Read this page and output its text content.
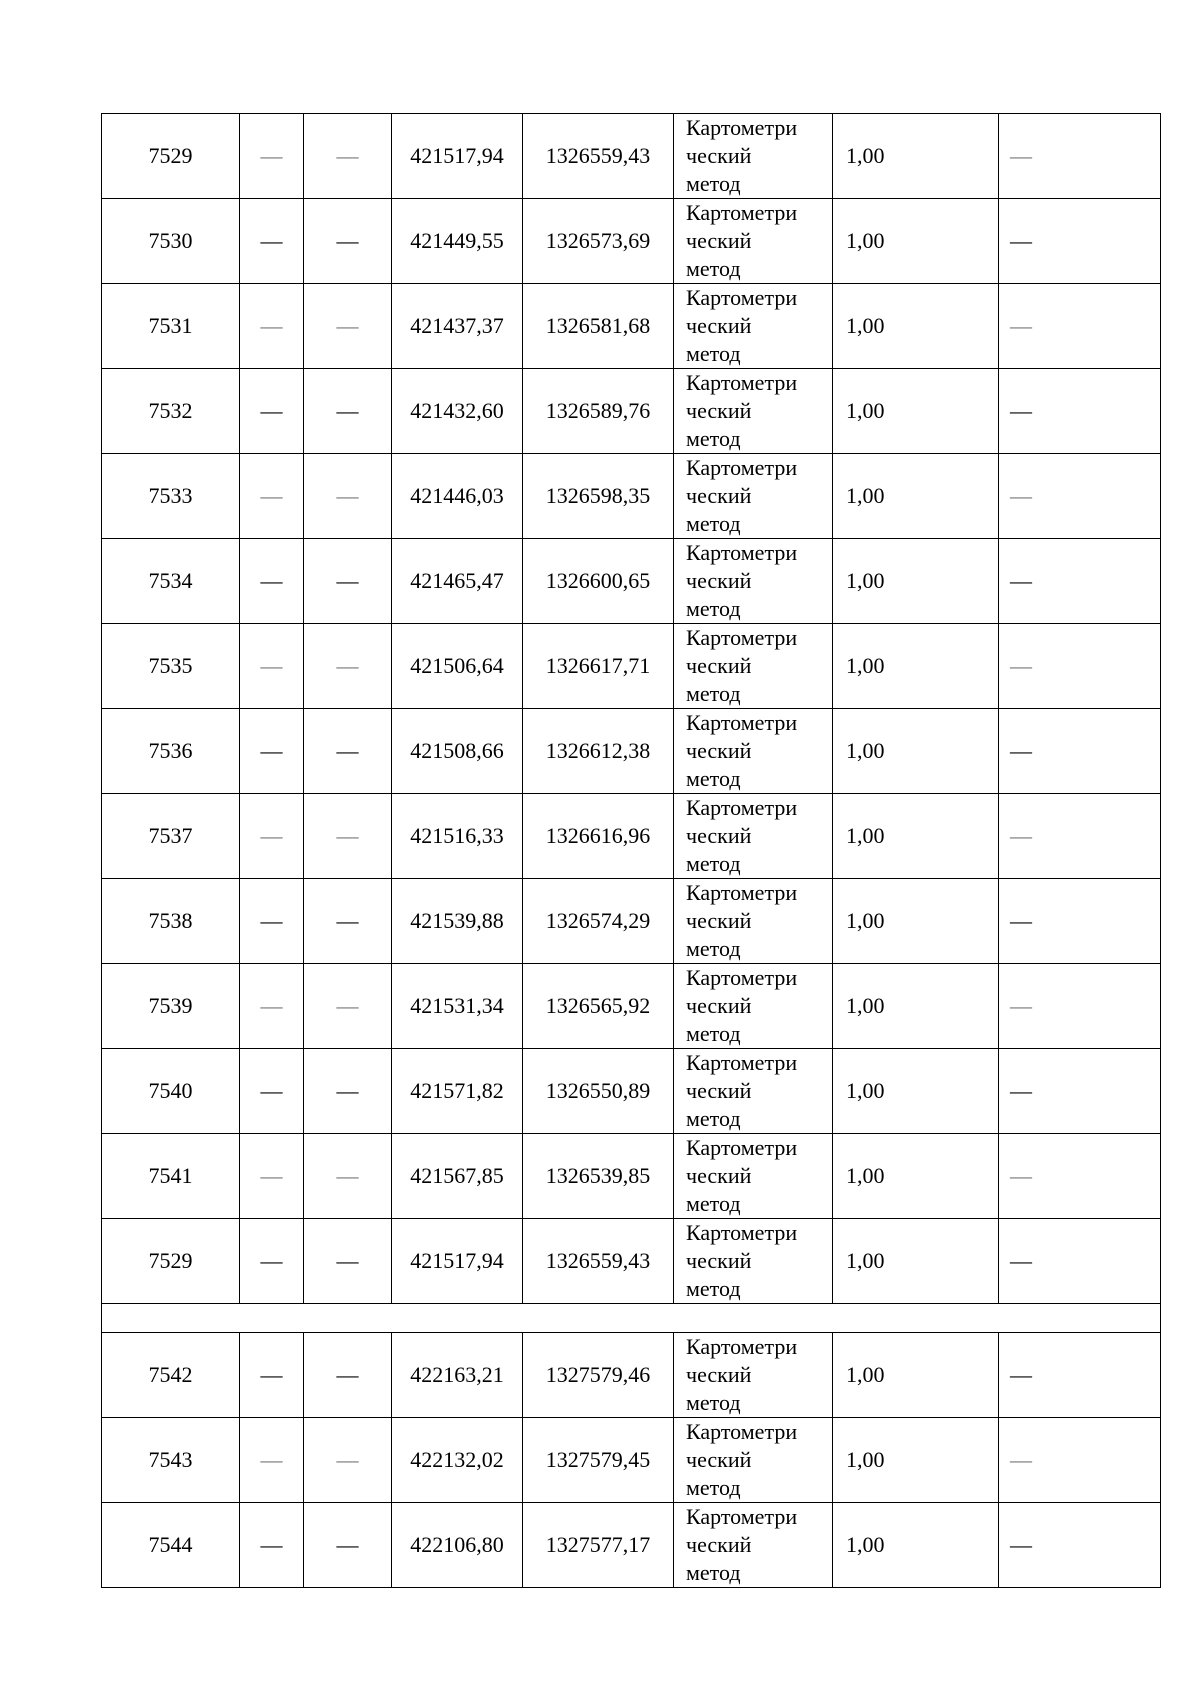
7529	—	—	421517,94	1326559,43	Картометри
ческий
метод	1,00	—
7530	—	—	421449,55	1326573,69	Картометри
ческий
метод	1,00	—
7531	—	—	421437,37	1326581,68	Картометри
ческий
метод	1,00	—
7532	—	—	421432,60	1326589,76	Картометри
ческий
метод	1,00	—
7533	—	—	421446,03	1326598,35	Картометри
ческий
метод	1,00	—
7534	—	—	421465,47	1326600,65	Картометри
ческий
метод	1,00	—
7535	—	—	421506,64	1326617,71	Картометри
ческий
метод	1,00	—
7536	—	—	421508,66	1326612,38	Картометри
ческий
метод	1,00	—
7537	—	—	421516,33	1326616,96	Картометри
ческий
метод	1,00	—
7538	—	—	421539,88	1326574,29	Картометри
ческий
метод	1,00	—
7539	—	—	421531,34	1326565,92	Картометри
ческий
метод	1,00	—
7540	—	—	421571,82	1326550,89	Картометри
ческий
метод	1,00	—
7541	—	—	421567,85	1326539,85	Картометри
ческий
метод	1,00	—
7529	—	—	421517,94	1326559,43	Картометри
ческий
метод	1,00	—

7542	—	—	422163,21	1327579,46	Картометри
ческий
метод	1,00	—
7543	—	—	422132,02	1327579,45	Картометри
ческий
метод	1,00	—
7544	—	—	422106,80	1327577,17	Картометри
ческий
метод	1,00	—
